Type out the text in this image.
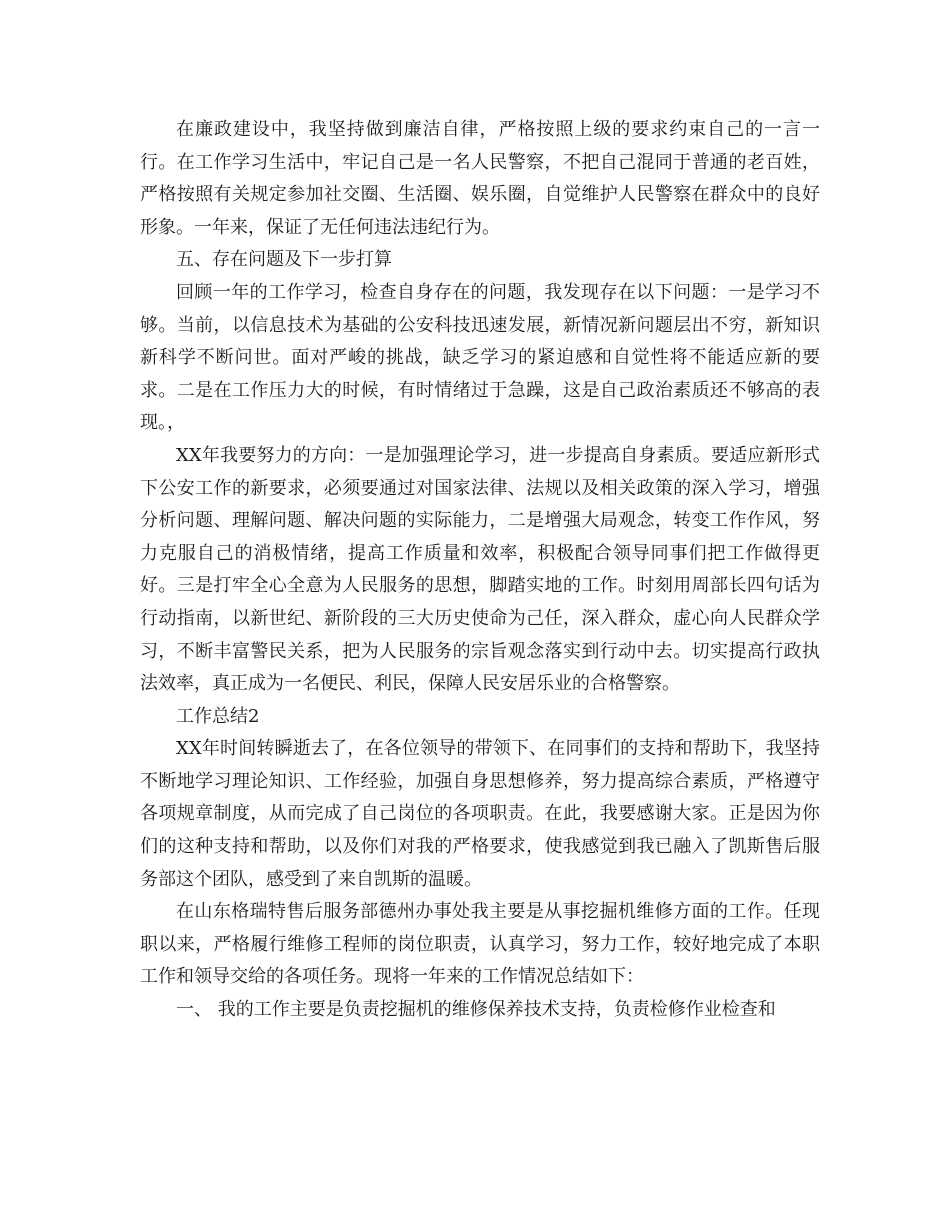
在廉政建设中，我坚持做到廉洁自律，严格按照上级的要求约束自己的一言一行。在工作学习生活中，牢记自己是一名人民警察，不把自己混同于普通的老百姓，严格按照有关规定参加社交圈、生活圈、娱乐圈，自觉维护人民警察在群众中的良好形象。一年来，保证了无任何违法违纪行为。

五、存在问题及下一步打算

回顾一年的工作学习，检查自身存在的问题，我发现存在以下问题：一是学习不够。当前，以信息技术为基础的公安科技迅速发展，新情况新问题层出不穷，新知识新科学不断问世。面对严峻的挑战，缺乏学习的紧迫感和自觉性将不能适应新的要求。二是在工作压力大的时候，有时情绪过于急躁，这是自己政治素质还不够高的表现。，

XX年我要努力的方向：一是加强理论学习，进一步提高自身素质。要适应新形式下公安工作的新要求，必须要通过对国家法律、法规以及相关政策的深入学习，增强分析问题、理解问题、解决问题的实际能力，二是增强大局观念，转变工作作风，努力克服自己的消极情绪，提高工作质量和效率，积极配合领导同事们把工作做得更好。三是打牢全心全意为人民服务的思想，脚踏实地的工作。时刻用周部长四句话为行动指南，以新世纪、新阶段的三大历史使命为己任，深入群众，虚心向人民群众学习，不断丰富警民关系，把为人民服务的宗旨观念落实到行动中去。切实提高行政执法效率，真正成为一名便民、利民，保障人民安居乐业的合格警察。

工作总结2

XX年时间转瞬逝去了，在各位领导的带领下、在同事们的支持和帮助下，我坚持不断地学习理论知识、工作经验，加强自身思想修养，努力提高综合素质，严格遵守各项规章制度，从而完成了自己岗位的各项职责。在此，我要感谢大家。正是因为你们的这种支持和帮助，以及你们对我的严格要求，使我感觉到我已融入了凯斯售后服务部这个团队，感受到了来自凯斯的温暖。

在山东格瑞特售后服务部德州办事处我主要是从事挖掘机维修方面的工作。任现职以来，严格履行维修工程师的岗位职责，认真学习，努力工作，较好地完成了本职工作和领导交给的各项任务。现将一年来的工作情况总结如下：

一、 我的工作主要是负责挖掘机的维修保养技术支持，负责检修作业检查和
